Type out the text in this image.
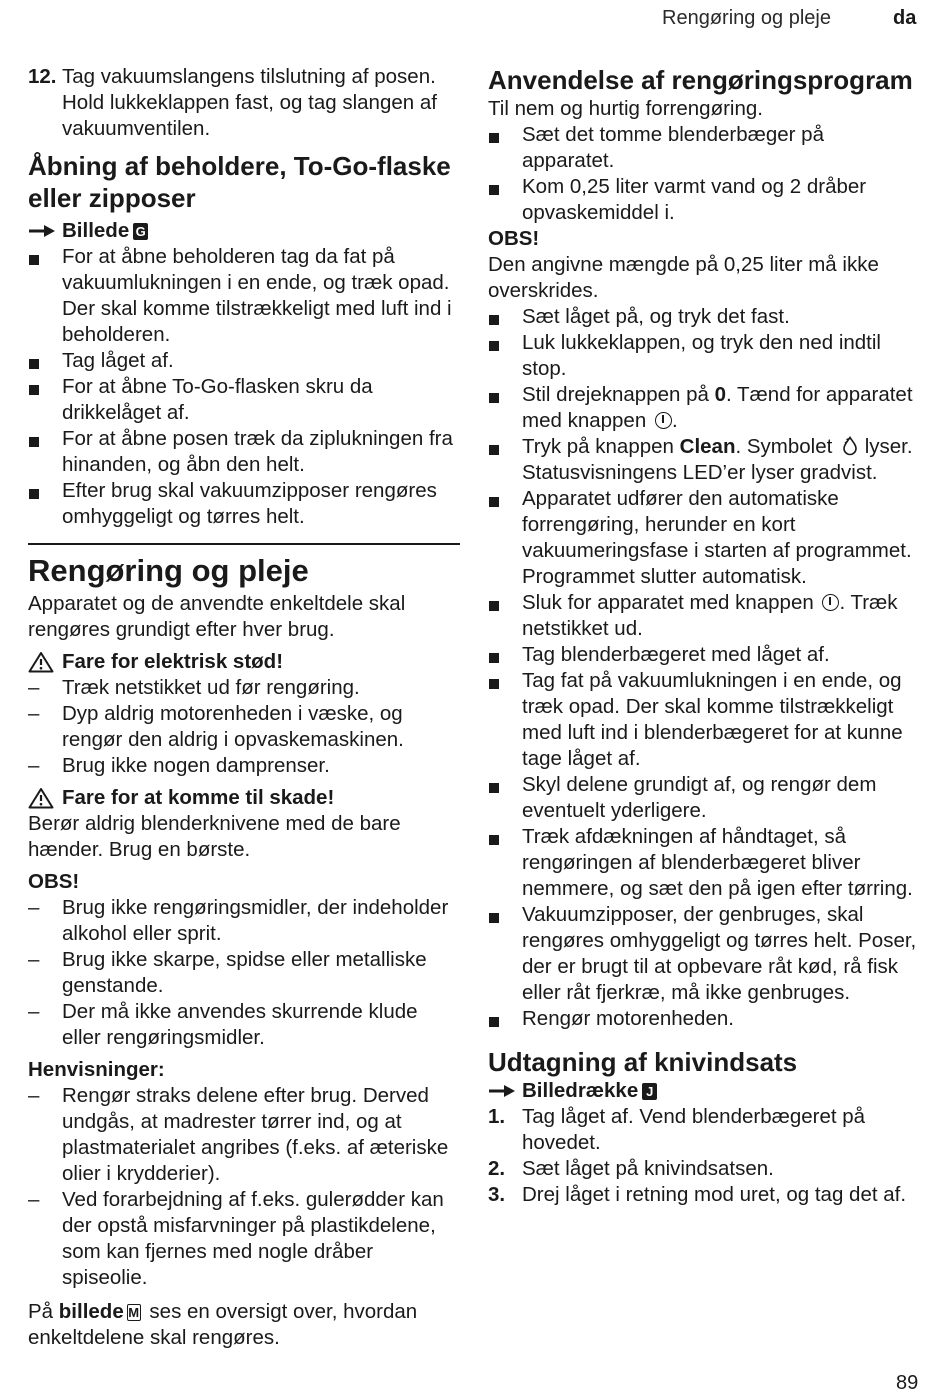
Rengøring og pleje	da
12. Tag vakuumslangens tilslutning af posen. Hold lukkeklappen fast, og tag slangen af vakuumventilen.
Åbning af beholdere, To-Go-flaske eller zipposer
Billede G
For at åbne beholderen tag da fat på vakuumlukningen i en ende, og træk opad. Der skal komme tilstrækkeligt med luft ind i beholderen.
Tag låget af.
For at åbne To-Go-flasken skru da drikkelåget af.
For at åbne posen træk da ziplukningen fra hinanden, og åbn den helt.
Efter brug skal vakuumzipposer rengøres omhyggeligt og tørres helt.
Rengøring og pleje

Apparatet og de anvendte enkeltdele skal rengøres grundigt efter hver brug.

Fare for elektrisk stød!
–	Træk netstikket ud før rengøring.
–	Dyp aldrig motorenheden i væske, og rengør den aldrig i opvaskemaskinen.
–	Brug ikke nogen damprenser.
Fare for at komme til skade!

Berør aldrig blenderknivene med de bare hænder. Brug en børste.

OBS!
–	Brug ikke rengøringsmidler, der indeholder alkohol eller sprit.
–	Brug ikke skarpe, spidse eller metalliske genstande.
–	Der må ikke anvendes skurrende klude eller rengøringsmidler.
Henvisninger:
–	Rengør straks delene efter brug. Derved undgås, at madrester tørrer ind, og at plastmaterialet angribes (f.eks. af æteriske olier i krydderier).
–	Ved forarbejdning af f.eks. gulerødder kan der opstå misfarvninger på plastikdelene, som kan fjernes med nogle dråber spiseolie.

På billede M ses en oversigt over, hvordan enkeltdelene skal rengøres.

Anvendelse af rengøringsprogram

Til nem og hurtig forrengøring.

Sæt det tomme blenderbæger på apparatet.
Kom 0,25 liter varmt vand og 2 dråber opvaskemiddel i.
OBS!

Den angivne mængde på 0,25 liter må ikke overskrides.

Sæt låget på, og tryk det fast.
Luk lukkeklappen, og tryk den ned indtil stop.
Stil drejeknappen på 0. Tænd for apparatet med knappen .
Tryk på knappen Clean. Symbolet  lyser. Statusvisningens LED’er lyser gradvist.
Apparatet udfører den automatiske forrengøring, herunder en kort vakuumeringsfase i starten af programmet. Programmet slutter automatisk.
Sluk for apparatet med knappen . Træk netstikket ud.
Tag blenderbægeret med låget af.
Tag fat på vakuumlukningen i en ende, og træk opad. Der skal komme tilstrækkeligt med luft ind i blenderbægeret for at kunne tage låget af.
Skyl delene grundigt af, og rengør dem eventuelt yderligere.
Træk afdækningen af håndtaget, så rengøringen af blenderbægeret bliver nemmere, og sæt den på igen efter tørring.
Vakuumzipposer, der genbruges, skal rengøres omhyggeligt og tørres helt. Poser, der er brugt til at opbevare råt kød, rå fisk eller råt fjerkræ, må ikke genbruges.
Rengør motorenheden.
Udtagning af knivindsats
Billedrække J
1. Tag låget af. Vend blenderbægeret på hovedet.
2. Sæt låget på knivindsatsen.
3. Drej låget i retning mod uret, og tag det af.
89
